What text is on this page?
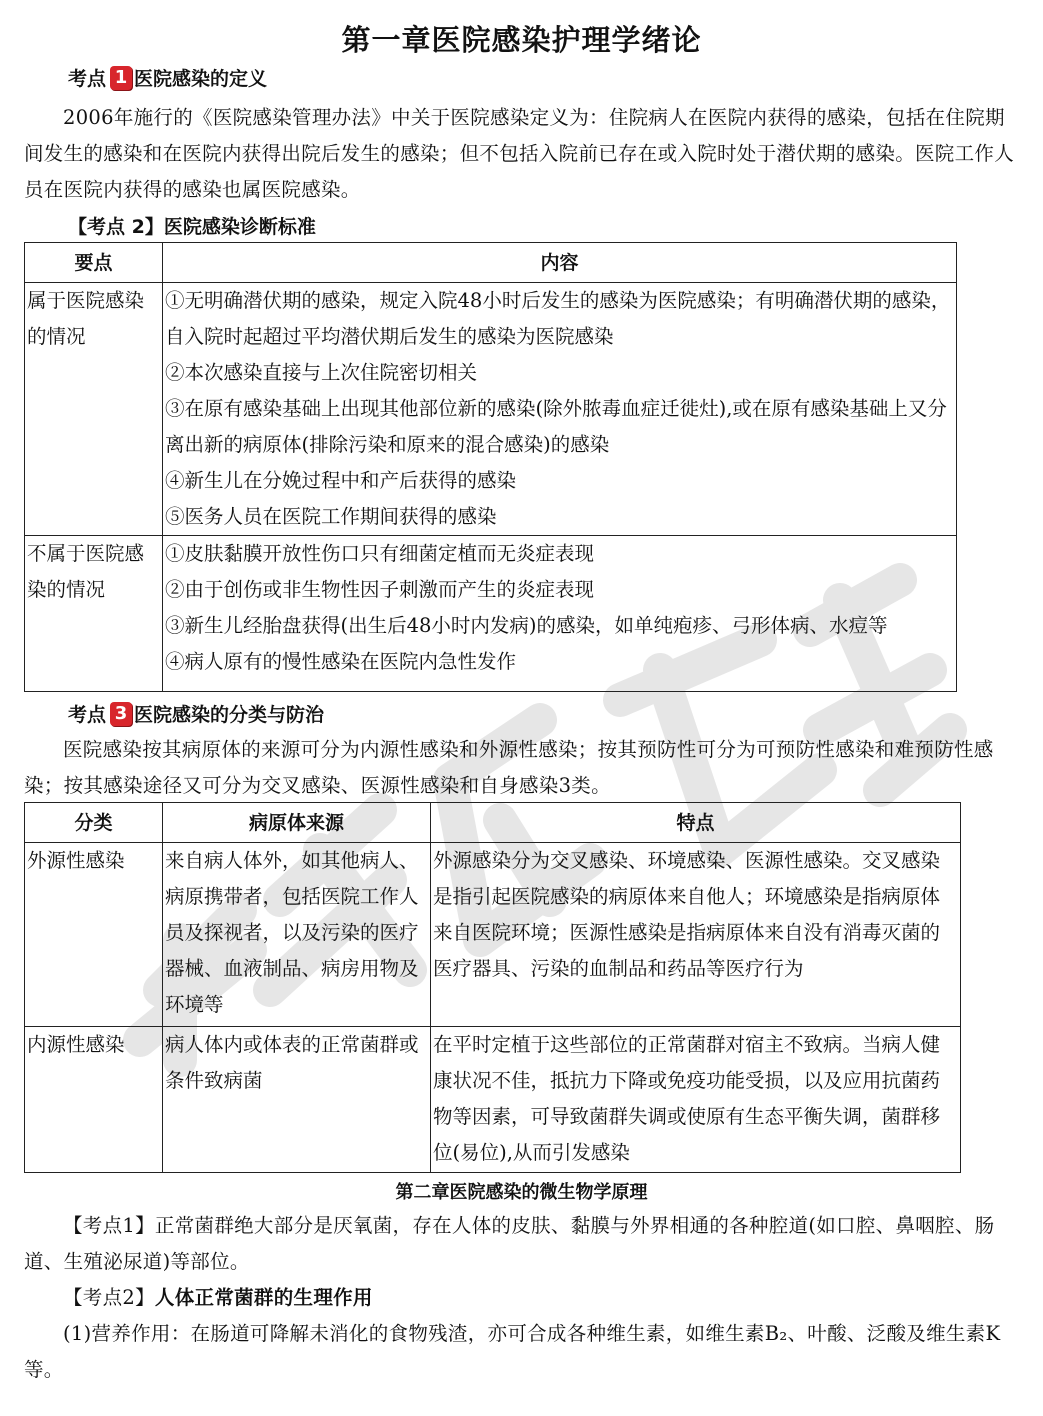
第一章医院感染护理学绪论
考点 1 医院感染的定义
2006年施行的《医院感染管理办法》中关于医院感染定义为：住院病人在医院内获得的感染，包括在住院期间发生的感染和在医院内获得出院后发生的感染；但不包括入院前已存在或入院时处于潜伏期的感染。医院工作人员在医院内获得的感染也属医院感染。
【考点 2】医院感染诊断标准
要点	内容
属于医院感染的情况	①无明确潜伏期的感染，规定入院48小时后发生的感染为医院感染；有明确潜伏期的感染，自入院时起超过平均潜伏期后发生的感染为医院感染
②本次感染直接与上次住院密切相关
③在原有感染基础上出现其他部位新的感染(除外脓毒血症迁徙灶),或在原有感染基础上又分离出新的病原体(排除污染和原来的混合感染)的感染
④新生儿在分娩过程中和产后获得的感染
⑤医务人员在医院工作期间获得的感染

不属于医院感染的情况	①皮肤黏膜开放性伤口只有细菌定植而无炎症表现
②由于创伤或非生物性因子刺激而产生的炎症表现
③新生儿经胎盘获得(出生后48小时内发病)的感染，如单纯疱疹、弓形体病、水痘等
④病人原有的慢性感染在医院内急性发作
考点 3 医院感染的分类与防治
医院感染按其病原体的来源可分为内源性感染和外源性感染；按其预防性可分为可预防性感染和难预防性感染；按其感染途径又可分为交叉感染、医源性感染和自身感染3类。
分类	病原体来源	特点
外源性感染	来自病人体外，如其他病人、病原携带者，包括医院工作人员及探视者，以及污染的医疗器械、血液制品、病房用物及环境等	外源感染分为交叉感染、环境感染、医源性感染。交叉感染是指引起医院感染的病原体来自他人；环境感染是指病原体来自医院环境；医源性感染是指病原体来自没有消毒灭菌的医疗器具、污染的血制品和药品等医疗行为
内源性感染	病人体内或体表的正常菌群或条件致病菌	在平时定植于这些部位的正常菌群对宿主不致病。当病人健康状况不佳，抵抗力下降或免疫功能受损，以及应用抗菌药物等因素，可导致菌群失调或使原有生态平衡失调，菌群移位(易位),从而引发感染
第二章医院感染的微生物学原理
【考点1】正常菌群绝大部分是厌氧菌，存在人体的皮肤、黏膜与外界相通的各种腔道(如口腔、鼻咽腔、肠道、生殖泌尿道)等部位。
【考点2】人体正常菌群的生理作用
(1)营养作用：在肠道可降解未消化的食物残渣，亦可合成各种维生素，如维生素B₂、叶酸、泛酸及维生素K等。
